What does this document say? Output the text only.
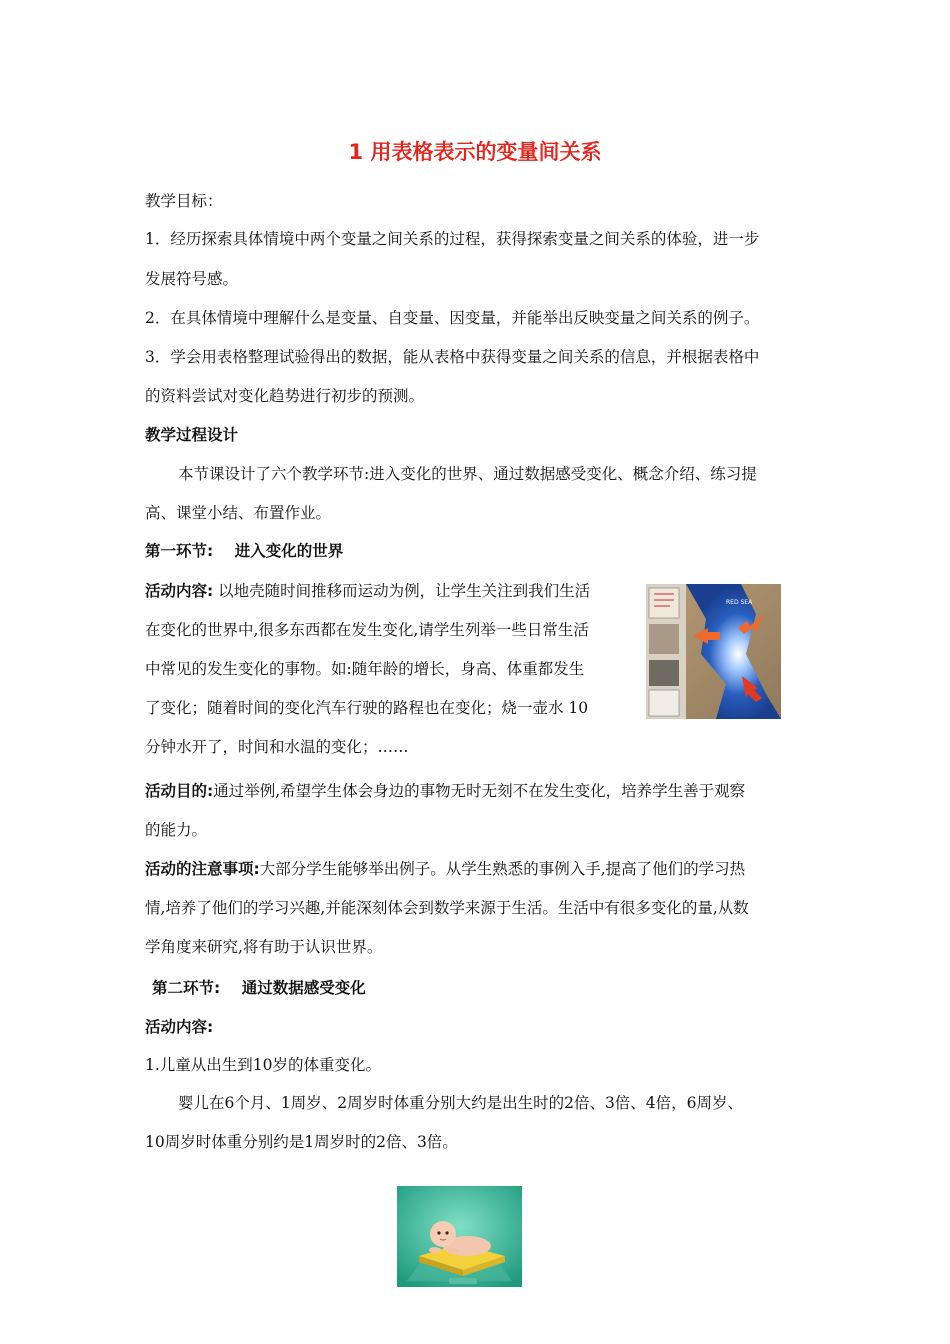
1 用表格表示的变量间关系
教学目标：
1．经历探索具体情境中两个变量之间关系的过程，获得探索变量之间关系的体验，进一步
发展符号感。
2．在具体情境中理解什么是变量、自变量、因变量，并能举出反映变量之间关系的例子。
3．学会用表格整理试验得出的数据，能从表格中获得变量之间关系的信息，并根据表格中
的资料尝试对变化趋势进行初步的预测。
教学过程设计
本节课设计了六个教学环节:进入变化的世界、通过数据感受变化、概念介绍、练习提
高、课堂小结、布置作业。
第一环节:    进入变化的世界
活动内容: 以地壳随时间推移而运动为例，让学生关注到我们生活
在变化的世界中,很多东西都在发生变化,请学生列举一些日常生活
中常见的发生变化的事物。如:随年龄的增长，身高、体重都发生
了变化；随着时间的变化汽车行驶的路程也在变化；烧一壶水 10
分钟水开了，时间和水温的变化；……
RED SEA
活动目的:通过举例,希望学生体会身边的事物无时无刻不在发生变化，培养学生善于观察
的能力。
活动的注意事项:大部分学生能够举出例子。从学生熟悉的事例入手,提高了他们的学习热
情,培养了他们的学习兴趣,并能深刻体会到数学来源于生活。生活中有很多变化的量,从数
学角度来研究,将有助于认识世界。
第二环节:    通过数据感受变化
活动内容:
1.儿童从出生到10岁的体重变化。
婴儿在6个月、1周岁、2周岁时体重分别大约是出生时的2倍、3倍、4倍，6周岁、
10周岁时体重分别约是1周岁时的2倍、3倍。
